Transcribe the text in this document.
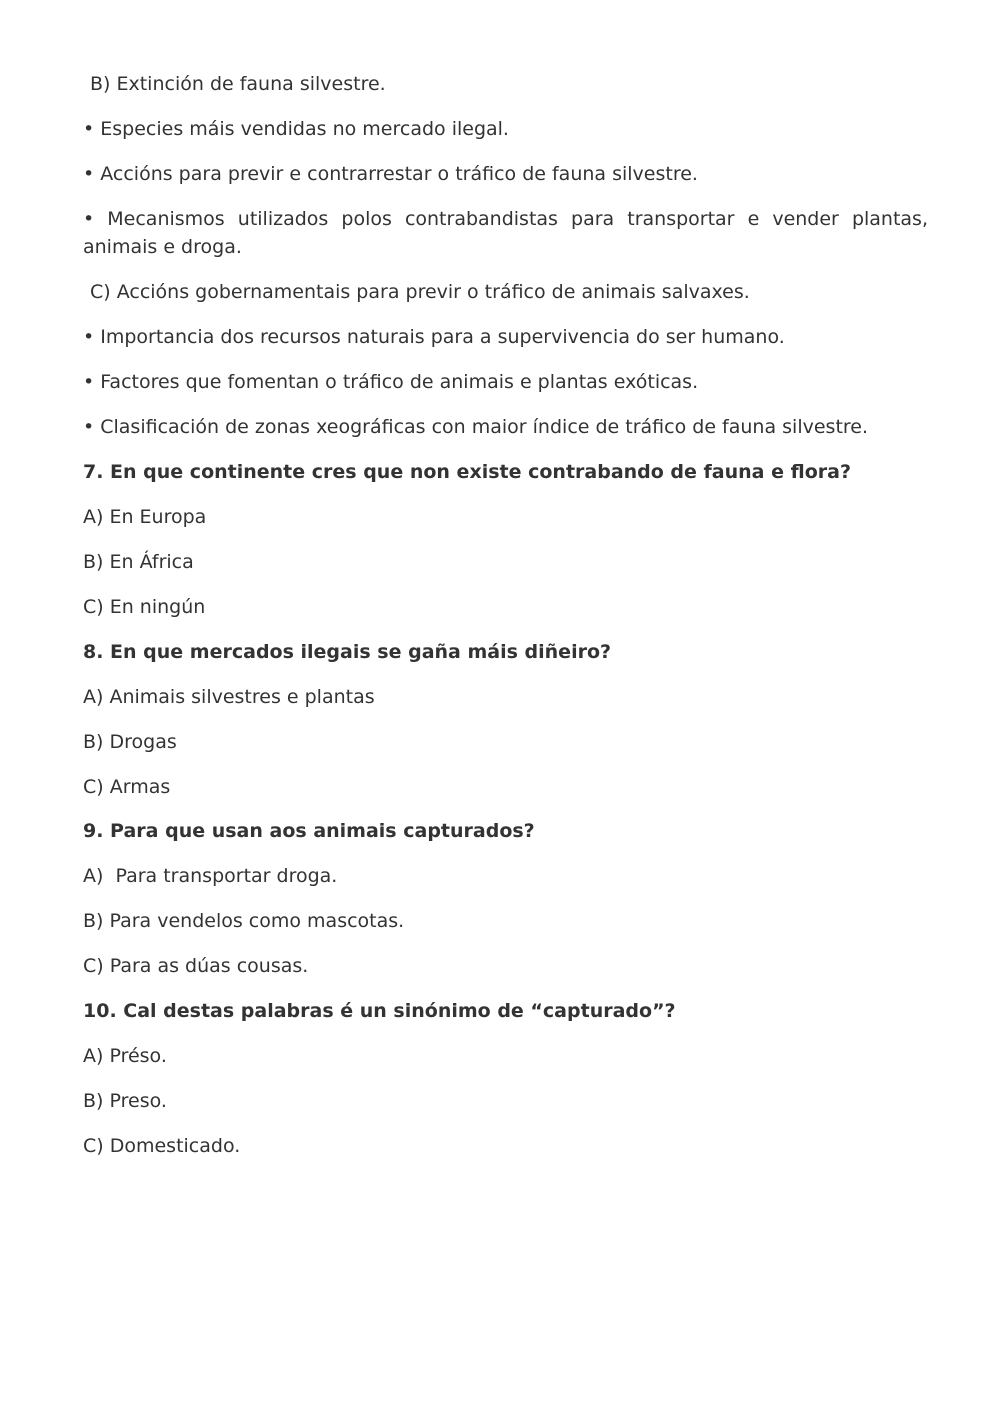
B) Extinción de fauna silvestre.
• Especies máis vendidas no mercado ilegal.
• Accións para previr e contrarrestar o tráfico de fauna silvestre.
• Mecanismos utilizados polos contrabandistas para transportar e vender plantas, animais e droga.
C) Accións gobernamentais para previr o tráfico de animais salvaxes.
• Importancia dos recursos naturais para a supervivencia do ser humano.
• Factores que fomentan o tráfico de animais e plantas exóticas.
• Clasificación de zonas xeográficas con maior índice de tráfico de fauna silvestre.
7. En que continente cres que non existe contrabando de fauna e flora?
A) En Europa
B) En África
C) En ningún
8. En que mercados ilegais se gaña máis diñeiro?
A) Animais silvestres e plantas
B) Drogas
C) Armas
9. Para que usan aos animais capturados?
A)  Para transportar droga.
B) Para vendelos como mascotas.
C) Para as dúas cousas.
10. Cal destas palabras é un sinónimo de “capturado”?
A) Préso.
B) Preso.
C) Domesticado.
